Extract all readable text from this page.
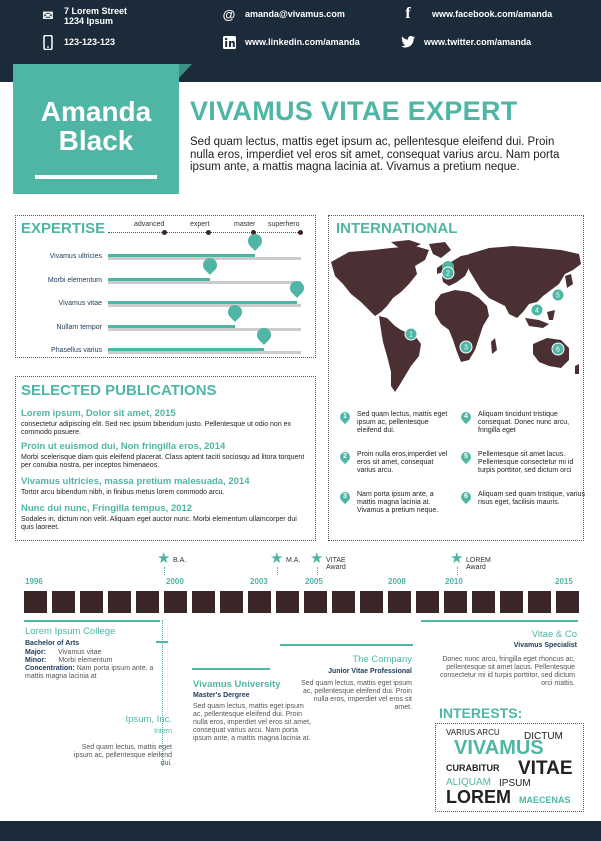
✉ 7 Lorem Street
1234 Ipsum
123-123-123
@ amanda@vivamus.com
www.linkedin.com/amanda
f	www.facebook.com/amanda
www.twitter.com/amanda
Amanda
Black
VIVAMUS VITAE EXPERT
Sed quam lectus, mattis eget ipsum ac, pellentesque eleifend dui. Proin nulla eros, imperdiet vel eros sit amet, consequat varius arcu. Nam porta ipsum ante, a mattis magna lacinia at. Vivamus a pretium neque.
EXPERTISE	advanced	expert	master superhero
Vivamus ultricies
Morbi elementum
Vivamus vitae
Nullam tempor
Phasellus varius
INTERNATIONAL
2
1
3
5
4
6
1	Sed quam lectus, mattis eget ipsum ac, pellentesque eleifend dui.
2	Proin nulla eros,imperdiet vel eros sit amet, consequat varius arcu.
3	Nam porta ipsum ante, a mattis magna lacinia at. Vivamus a pretium neque.
4	Aliquam tincidunt tristique consequat. Donec nunc arcu, fringilla eget
5	Pellentesque sit amet lacus. Pellentesque consectetur mi id turpis porttitor, sed dictum orci
6	Aliquam sed quam tristique, varius risus eget, facilisis mauris.
SELECTED PUBLICATIONS
Lorem ipsum, Dolor sit amet, 2015
consectetur adipiscing elit. Sed nec ipsum bibendum justo. Pellentesque ut odio non ex commodo posuere.
Proin ut euismod dui, Non fringilla eros, 2014
Morbi scelerisque diam quis eleifend placerat. Class aptent taciti sociosqu ad litora torquent per conubia nostra, per inceptos himenaeos.
Vivamus ultricies, massa pretium malesuada, 2014
Tortor arcu bibendum nibh, in finibus metus lorem commodo arcu.
Nunc dui nunc, Fringilla tempus, 2012
Sodales in, dictum non velit. Aliquam eget auctor nunc. Morbi elementum ullamcorper dui quis laoreet.
1996	2000	2003	2005	2008	2010	2015
★ B.A.	★ M.A. ★ VITAE
Award
★ LOREM
Award
Lorem Ipsum College
Bachelor of Arts
Major: Vivamus vitae
Minor: Morbi elementum
Concentration: Nam porta ipsum ante, a mattis magna lacinia at
Ipsum, Inc.
Intern
Sed quam lectus, mattis eget ipsum ac, pellentesque eleifend dui.
Vivamus University
Master's Dergree
Sed quam lectus, mattis eget ipsum ac, pellentesque eleifend dui. Proin nulla eros, imperdiet vel eros sit amet, consequat varius arcu. Nam porta ipsum ante, a mattis magna lacinia at.
The Company
Junior Vitae Professional
Sed quam lectus, mattis eget ipsum ac, pellentesque eleifend dui. Proin nulla eros, imperdiet vel eros sit amet.
Vitae & Co
Vivamus Specialist
Donec nunc arcu, fringilla eget rhoncus ac, pellentesque sit amet lacus. Pellentesque consectetur mi id turpis porttitor, sed dictum orci mattis.
INTERESTS:
VARIUS ARCU DICTUM
VIVAMUS
CURABITUR VITAE
ALIQUAM IPSUM
LOREM MAECENAS
